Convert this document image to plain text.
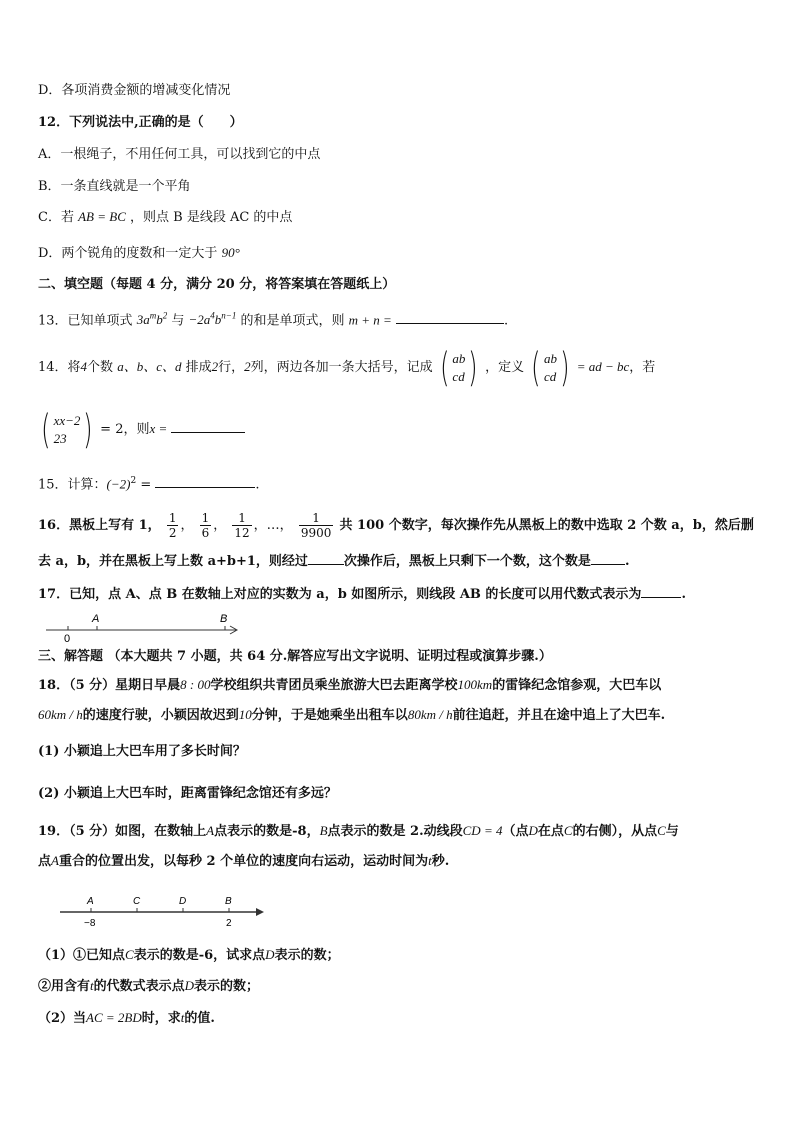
D．各项消费金额的增减变化情况
12．下列说法中,正确的是（　　）
A．一根绳子，不用任何工具，可以找到它的中点
B．一条直线就是一个平角
C．若 AB = BC ，则点 B 是线段 AC 的中点
D．两个锐角的度数和一定大于 90°
二、填空题（每题 4 分，满分 20 分，将答案填在答题纸上）
13．已知单项式 $3a^mb^2$ 与 $-2a^4b^{n-1}$ 的和是单项式，则 m + n =	.
14．将4个数 a、b、c、d 排成2行，2列，两边各加一条大括号，记成 ( ab
cd ) ，定义 ( ab
cd ) = ad − bc，若
( xx−2
23 ) = 2，则x =
15．计算：$(-2)^2$ =	.
16．黑板上写有 1， $\frac{1}{2}$ ， $\frac{1}{6}$ ， $\frac{1}{12}$ ，…， $\frac{1}{9900}$ 共 100 个数字，每次操作先从黑板上的数中选取 2 个数 a，b，然后删
去 a，b，并在黑板上写上数 a+b+1，则经过	次操作后，黑板上只剩下一个数，这个数是	.
17．已知，点 A、点 B 在数轴上对应的实数为 a，b 如图所示，则线段 AB 的长度可以用代数式表示为	.
A	B
0
三、解答题 （本大题共 7 小题，共 64 分.解答应写出文字说明、证明过程或演算步骤.）
18．（5 分）星期日早晨8 : 00学校组织共青团员乘坐旅游大巴去距离学校100km的雷锋纪念馆参观，大巴车以
60km / h的速度行驶，小颖因故迟到10分钟，于是她乘坐出租车以80km / h前往追赶，并且在途中追上了大巴车.
(1) 小颖追上大巴车用了多长时间？
(2) 小颖追上大巴车时，距离雷锋纪念馆还有多远？
19．（5 分）如图，在数轴上A点表示的数是-8，B点表示的数是 2.动线段CD = 4（点D在点C的右侧），从点C与
点A重合的位置出发，以每秒 2 个单位的速度向右运动，运动时间为t秒.
A	C	D	B
−8	2
（1）①已知点C表示的数是-6，试求点D表示的数；
②用含有t的代数式表示点D表示的数；
（2）当AC = 2BD时，求t的值.
